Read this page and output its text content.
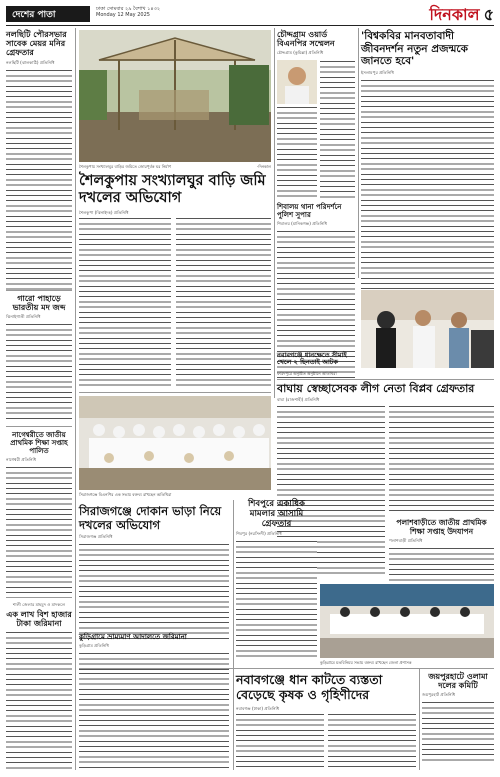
দেশের পাতা
ঢাকা সোমবার ২৯ বৈশাখ ১৪৩২
Monday 12 May 2025	দিনকাল ৫
নলছিটি পৌরসভার সাবেক মেয়র মনির গ্রেফতার
নলছিটি (ঝালকাঠি) প্রতিনিধি
গারো পাহাড়ে ভারতীয় মদ জব্দ
ঝিনাইগাতী প্রতিনিধি
নাগেশ্বরীতে জাতীয় প্রাথমিক শিক্ষা সপ্তাহ পালিত
নাগেশ্বরী প্রতিনিধি
শালী জেলার মাহমুদ ও মাদকলে
এক লাখ বিশ হাজার টাকা জরিমানা
শৈলকুপায় সংখ্যালঘুর বাড়ির জমিতে জোরপূর্বক ঘর নির্মাণ	-দিনকাল
শৈলকুপায় সংখ্যালঘুর বাড়ি জমি দখলের অভিযোগ
শৈলকুপা (ঝিনাইদহ) প্রতিনিধি
চৌদ্দগ্রাম ওয়ার্ড বিএনপির সম্মেলন
চৌদ্দগ্রাম (কুমিল্লা) প্রতিনিধি
শিবালয় থানা পরিদর্শনে পুলিশ সুপার
শিবালয় (মানিকগঞ্জ) প্রতিনিধি
'বিশ্বকবির মানবতাবাদী জীবনদর্শন নতুন প্রজন্মকে জানতে হবে'
ইসলামপুর প্রতিনিধি
ফরিদপুরে অনুষ্ঠিত অনুষ্ঠানে অতিথিরা
নবাবগঞ্জে ধানক্ষেতে সীমাই খেলে ২ ছিনতাই আটক
বাঘায় স্বেচ্ছাসেবক লীগ নেতা বিপ্লব গ্রেফতার
বাঘা (রাজশাহী) প্রতিনিধি
পলাশবাড়ীতে জাতীয় প্রাথমিক শিক্ষা সপ্তাহ উদযাপন
পলাশবাড়ী প্রতিনিধি
সিরাজগঞ্জে বিএনপির এক সভায় বক্তব্য রাখছেন অতিথিরা
সিরাজগঞ্জে দোকান ভাড়া নিয়ে দখলের অভিযোগ
সিরাজগঞ্জ প্রতিনিধি
শিবপুরে একাধিক মামলার আসামি গ্রেফতার
শিবপুর (নরসিংদী) প্রতিনিধি
কুড়িগ্রামে ভ্রাম্যমাণ আদালতে জরিমানা
কুড়িগ্রাম প্রতিনিধি
কুড়িগ্রামে মতবিনিময় সভায় বক্তব্য রাখছেন জেলা প্রশাসক
নবাবগঞ্জে ধান কাটতে ব্যস্ততা বেড়েছে কৃষক ও গৃহিণীদের
নবাবগঞ্জ (ঢাকা) প্রতিনিধি
জয়পুরহাটে ওলামা দলের কমিটি
জয়পুরহাট প্রতিনিধি
